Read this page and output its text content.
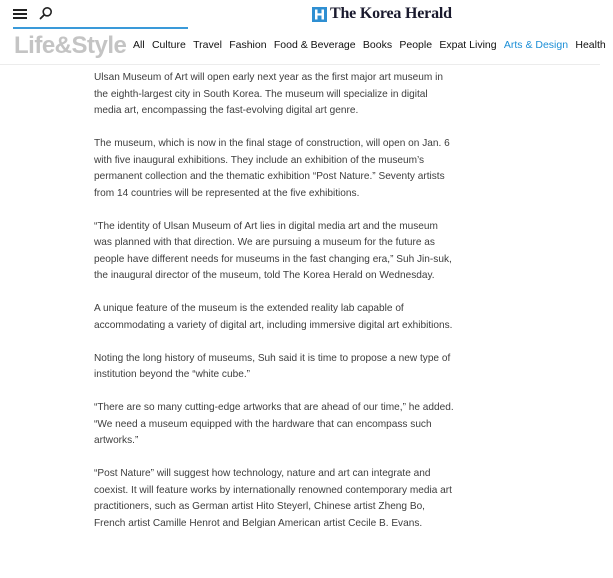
The Korea Herald
Life&Style All Culture Travel Fashion Food & Beverage Books People Expat Living Arts & Design Health

Ulsan Museum of Art will open early next year as the first major art museum in the eighth-largest city in South Korea. The museum will specialize in digital media art, encompassing the fast-evolving digital art genre.

The museum, which is now in the final stage of construction, will open on Jan. 6 with five inaugural exhibitions. They include an exhibition of the museum’s permanent collection and the thematic exhibition “Post Nature.” Seventy artists from 14 countries will be represented at the five exhibitions.

“The identity of Ulsan Museum of Art lies in digital media art and the museum was planned with that direction. We are pursuing a museum for the future as people have different needs for museums in the fast changing era,” Suh Jin-suk, the inaugural director of the museum, told The Korea Herald on Wednesday.

A unique feature of the museum is the extended reality lab capable of accommodating a variety of digital art, including immersive digital art exhibitions.

Noting the long history of museums, Suh said it is time to propose a new type of institution beyond the “white cube.”

“There are so many cutting-edge artworks that are ahead of our time,” he added. “We need a museum equipped with the hardware that can encompass such artworks.”

“Post Nature” will suggest how technology, nature and art can integrate and coexist. It will feature works by internationally renowned contemporary media art practitioners, such as German artist Hito Steyerl, Chinese artist Zheng Bo, French artist Camille Henrot and Belgian American artist Cecile B. Evans.
